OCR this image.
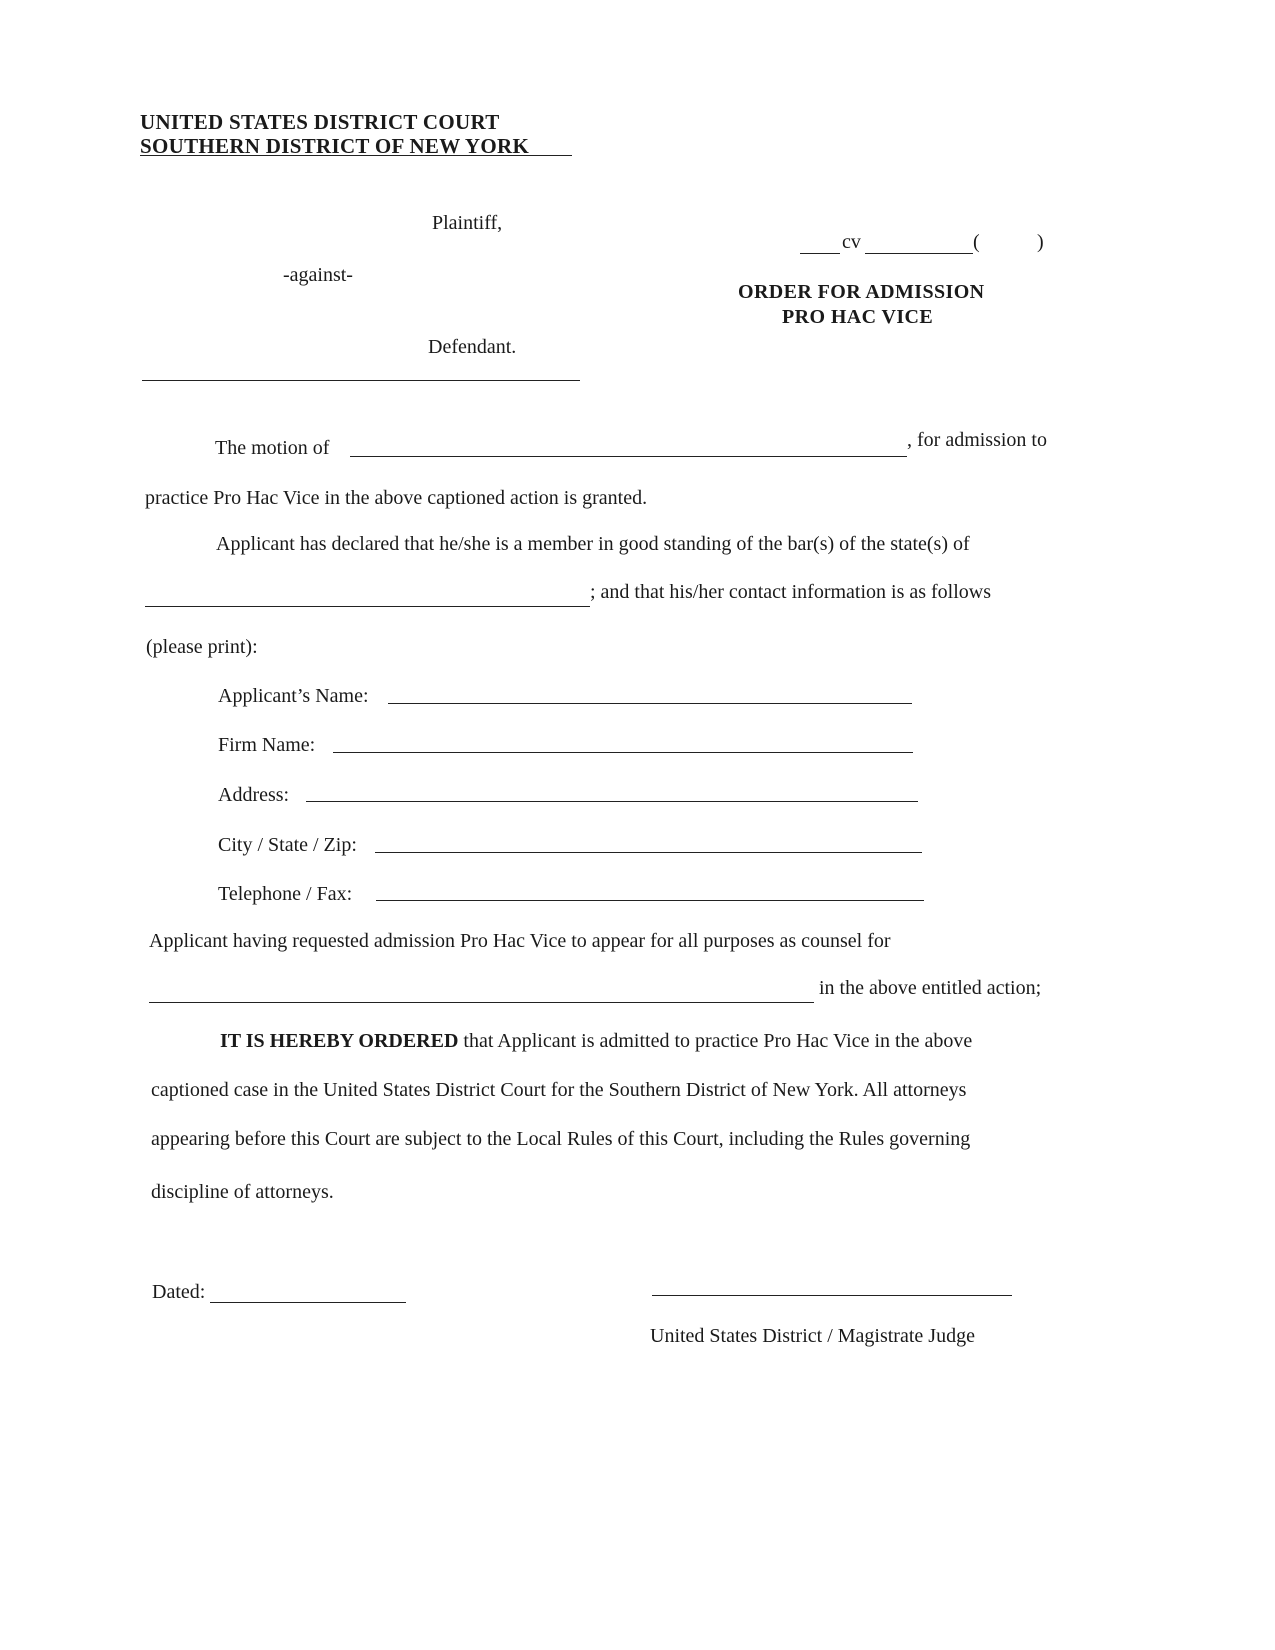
UNITED STATES DISTRICT COURT
SOUTHERN DISTRICT OF NEW YORK
Plaintiff,
-against-
Defendant.
cv	(	)
ORDER FOR ADMISSION
PRO HAC VICE
The motion of	, for admission to
practice Pro Hac Vice in the above captioned action is granted.
Applicant has declared that he/she is a member in good standing of the bar(s) of the state(s) of
; and that his/her contact information is as follows
(please print):
Applicant’s Name:
Firm Name:
Address:
City / State / Zip:
Telephone / Fax:
Applicant having requested admission Pro Hac Vice to appear for all purposes as counsel for
in the above entitled action;
IT IS HEREBY ORDERED that Applicant is admitted to practice Pro Hac Vice in the above
captioned case in the United States District Court for the Southern District of New York. All attorneys
appearing before this Court are subject to the Local Rules of this Court, including the Rules governing
discipline of attorneys.
Dated:
United States District / Magistrate Judge
